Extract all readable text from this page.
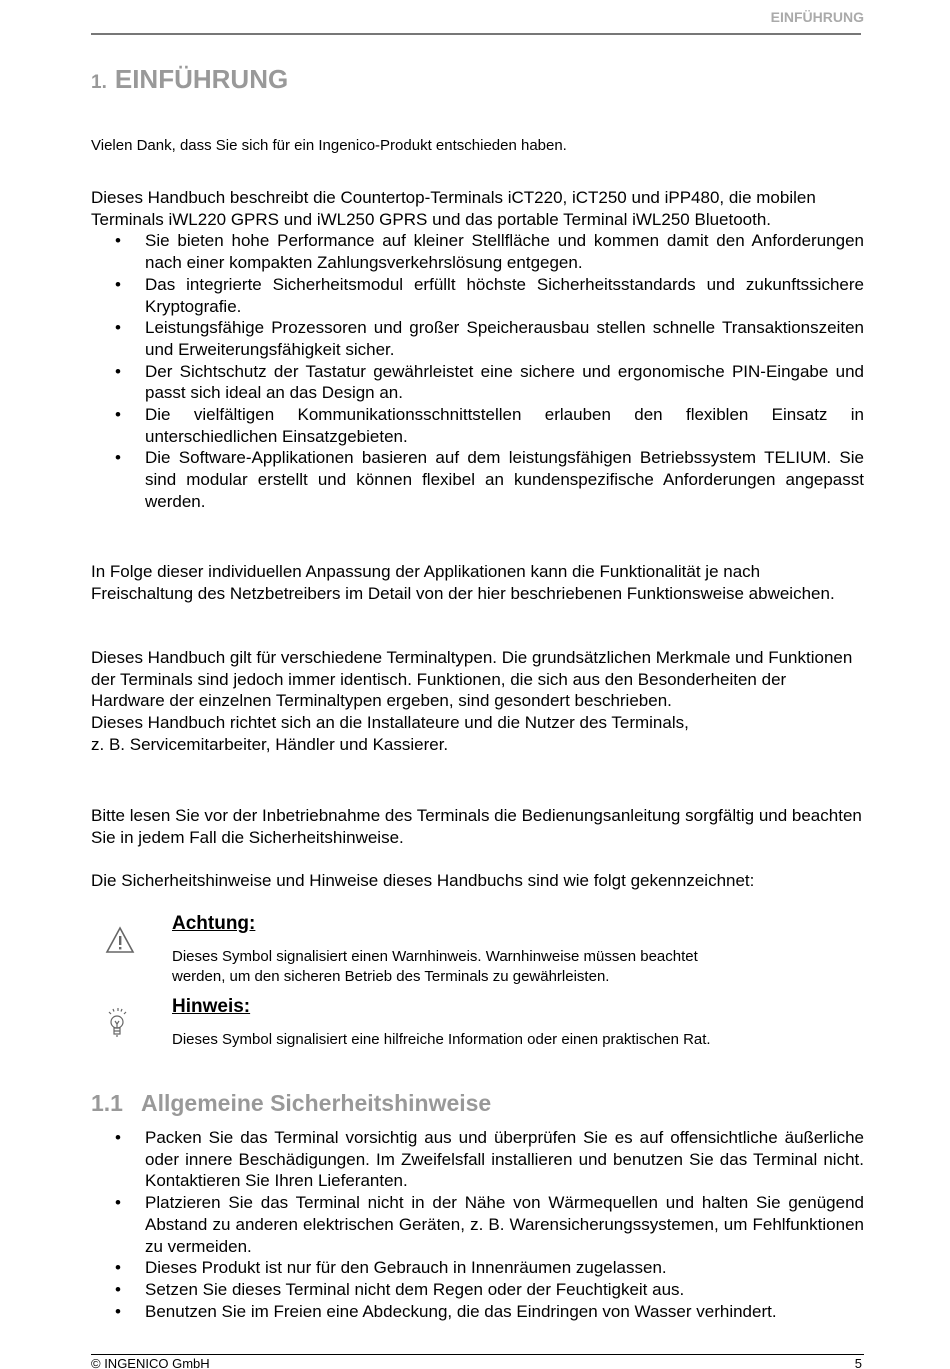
EINFÜHRUNG
1. EINFÜHRUNG
Vielen Dank, dass Sie sich für ein Ingenico-Produkt entschieden haben.

Dieses Handbuch beschreibt die Countertop-Terminals iCT220, iCT250 und iPP480, die mobilen Terminals iWL220 GPRS und iWL250 GPRS und das portable Terminal iWL250 Bluetooth.

• Sie bieten hohe Performance auf kleiner Stellfläche und kommen damit den Anforderungen nach einer kompakten Zahlungsverkehrslösung entgegen.
• Das integrierte Sicherheitsmodul erfüllt höchste Sicherheitsstandards und zukunftssichere Kryptografie.
• Leistungsfähige Prozessoren und großer Speicherausbau stellen schnelle Transaktionszeiten und Erweiterungsfähigkeit sicher.
• Der Sichtschutz der Tastatur gewährleistet eine sichere und ergonomische PIN-Eingabe und passt sich ideal an das Design an.
• Die vielfältigen Kommunikationsschnittstellen erlauben den flexiblen Einsatz in unterschiedlichen Einsatzgebieten.
• Die Software-Applikationen basieren auf dem leistungsfähigen Betriebssystem TELIUM. Sie sind modular erstellt und können flexibel an kundenspezifische Anforderungen angepasst werden.
In Folge dieser individuellen Anpassung der Applikationen kann die Funktionalität je nach Freischaltung des Netzbetreibers im Detail von der hier beschriebenen Funktionsweise abweichen.

Dieses Handbuch gilt für verschiedene Terminaltypen. Die grundsätzlichen Merkmale und Funktionen der Terminals sind jedoch immer identisch. Funktionen, die sich aus den Besonderheiten der Hardware der einzelnen Terminaltypen ergeben, sind gesondert beschrieben.

Dieses Handbuch richtet sich an die Installateure und die Nutzer des Terminals,

z. B. Servicemitarbeiter, Händler und Kassierer.

Bitte lesen Sie vor der Inbetriebnahme des Terminals die Bedienungsanleitung sorgfältig und beachten Sie in jedem Fall die Sicherheitshinweise.
Die Sicherheitshinweise und Hinweise dieses Handbuchs sind wie folgt gekennzeichnet:
Achtung:

Dieses Symbol signalisiert einen Warnhinweis. Warnhinweise müssen beachtet

werden, um den sicheren Betrieb des Terminals zu gewährleisten.

Hinweis:
Dieses Symbol signalisiert eine hilfreiche Information oder einen praktischen Rat.
1.1 Allgemeine Sicherheitshinweise
• Packen Sie das Terminal vorsichtig aus und überprüfen Sie es auf offensichtliche äußerliche oder innere Beschädigungen. Im Zweifelsfall installieren und benutzen Sie das Terminal nicht. Kontaktieren Sie Ihren Lieferanten.
• Platzieren Sie das Terminal nicht in der Nähe von Wärmequellen und halten Sie genügend Abstand zu anderen elektrischen Geräten, z. B. Warensicherungssystemen, um Fehlfunktionen zu vermeiden.
• Dieses Produkt ist nur für den Gebrauch in Innenräumen zugelassen.
• Setzen Sie dieses Terminal nicht dem Regen oder der Feuchtigkeit aus.
• Benutzen Sie im Freien eine Abdeckung, die das Eindringen von Wasser verhindert.
© INGENICO GmbH	5
